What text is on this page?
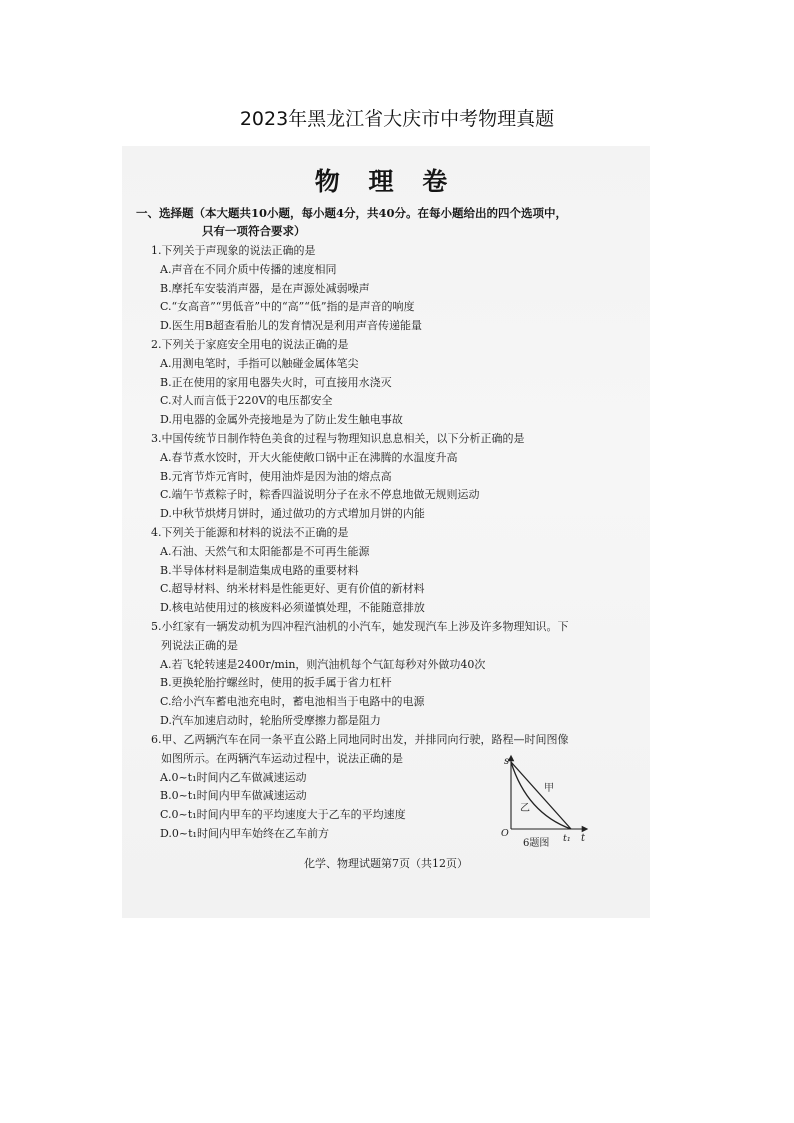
2023年黑龙江省大庆市中考物理真题
物 理 卷
一、选择题（本大题共10小题，每小题4分，共40分。在每小题给出的四个选项中，
只有一项符合要求）
1.下列关于声现象的说法正确的是
A.声音在不同介质中传播的速度相同
B.摩托车安装消声器，是在声源处减弱噪声
C.“女高音”“男低音”中的“高”“低”指的是声音的响度
D.医生用B超查看胎儿的发育情况是利用声音传递能量
2.下列关于家庭安全用电的说法正确的是
A.用测电笔时，手指可以触碰金属体笔尖
B.正在使用的家用电器失火时，可直接用水浇灭
C.对人而言低于220V的电压都安全
D.用电器的金属外壳接地是为了防止发生触电事故
3.中国传统节日制作特色美食的过程与物理知识息息相关，以下分析正确的是
A.春节煮水饺时，开大火能使敞口锅中正在沸腾的水温度升高
B.元宵节炸元宵时，使用油炸是因为油的熔点高
C.端午节煮粽子时，粽香四溢说明分子在永不停息地做无规则运动
D.中秋节烘烤月饼时，通过做功的方式增加月饼的内能
4.下列关于能源和材料的说法不正确的是
A.石油、天然气和太阳能都是不可再生能源
B.半导体材料是制造集成电路的重要材料
C.超导材料、纳米材料是性能更好、更有价值的新材料
D.核电站使用过的核废料必须谨慎处理，不能随意排放
5.小红家有一辆发动机为四冲程汽油机的小汽车，她发现汽车上涉及许多物理知识。下
列说法正确的是
A.若飞轮转速是2400r/min，则汽油机每个气缸每秒对外做功40次
B.更换轮胎拧螺丝时，使用的扳手属于省力杠杆
C.给小汽车蓄电池充电时，蓄电池相当于电路中的电源
D.汽车加速启动时，轮胎所受摩擦力都是阻力
6.甲、乙两辆汽车在同一条平直公路上同地同时出发，并排同向行驶，路程—时间图像
如图所示。在两辆汽车运动过程中，说法正确的是
A.0~t₁时间内乙车做减速运动
B.0~t₁时间内甲车做减速运动
C.0~t₁时间内甲车的平均速度大于乙车的平均速度
D.0~t₁时间内甲车始终在乙车前方
s
O	t₁ t
甲
乙
6题图
化学、物理试题第7页（共12页）
